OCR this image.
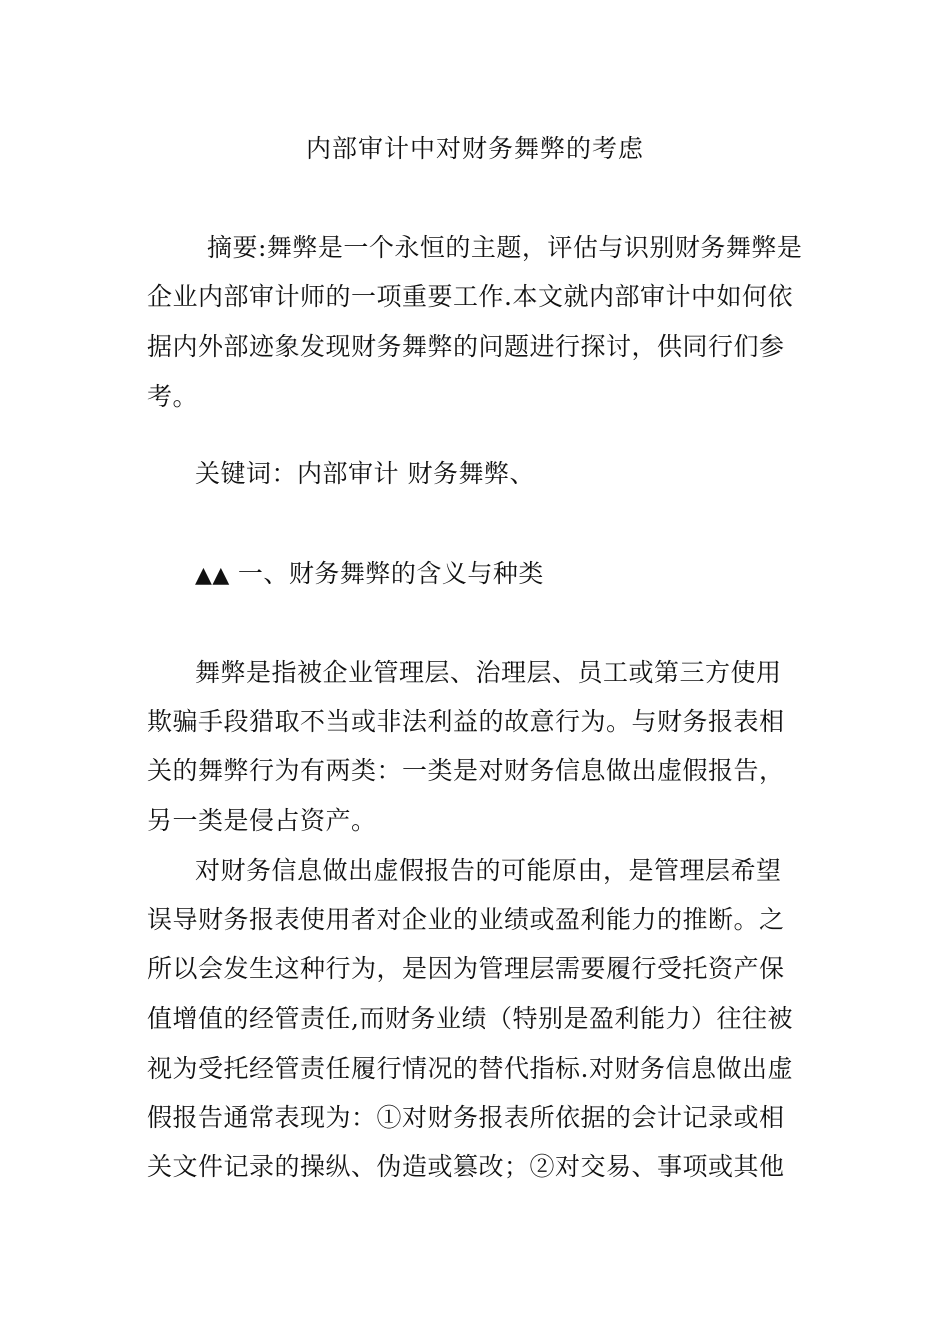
内部审计中对财务舞弊的考虑
摘要:舞弊是一个永恒的主题，评估与识别财务舞弊是
企业内部审计师的一项重要工作.本文就内部审计中如何依
据内外部迹象发现财务舞弊的问题进行探讨，供同行们参
考。
关键词：内部审计 财务舞弊、
▲▲ 一、财务舞弊的含义与种类
舞弊是指被企业管理层、治理层、员工或第三方使用
欺骗手段猎取不当或非法利益的故意行为。与财务报表相
关的舞弊行为有两类：一类是对财务信息做出虚假报告，
另一类是侵占资产。
对财务信息做出虚假报告的可能原由，是管理层希望
误导财务报表使用者对企业的业绩或盈利能力的推断。之
所以会发生这种行为，是因为管理层需要履行受托资产保
值增值的经管责任,而财务业绩（特别是盈利能力）往往被
视为受托经管责任履行情况的替代指标.对财务信息做出虚
假报告通常表现为：①对财务报表所依据的会计记录或相
关文件记录的操纵、伪造或篡改；②对交易、事项或其他
